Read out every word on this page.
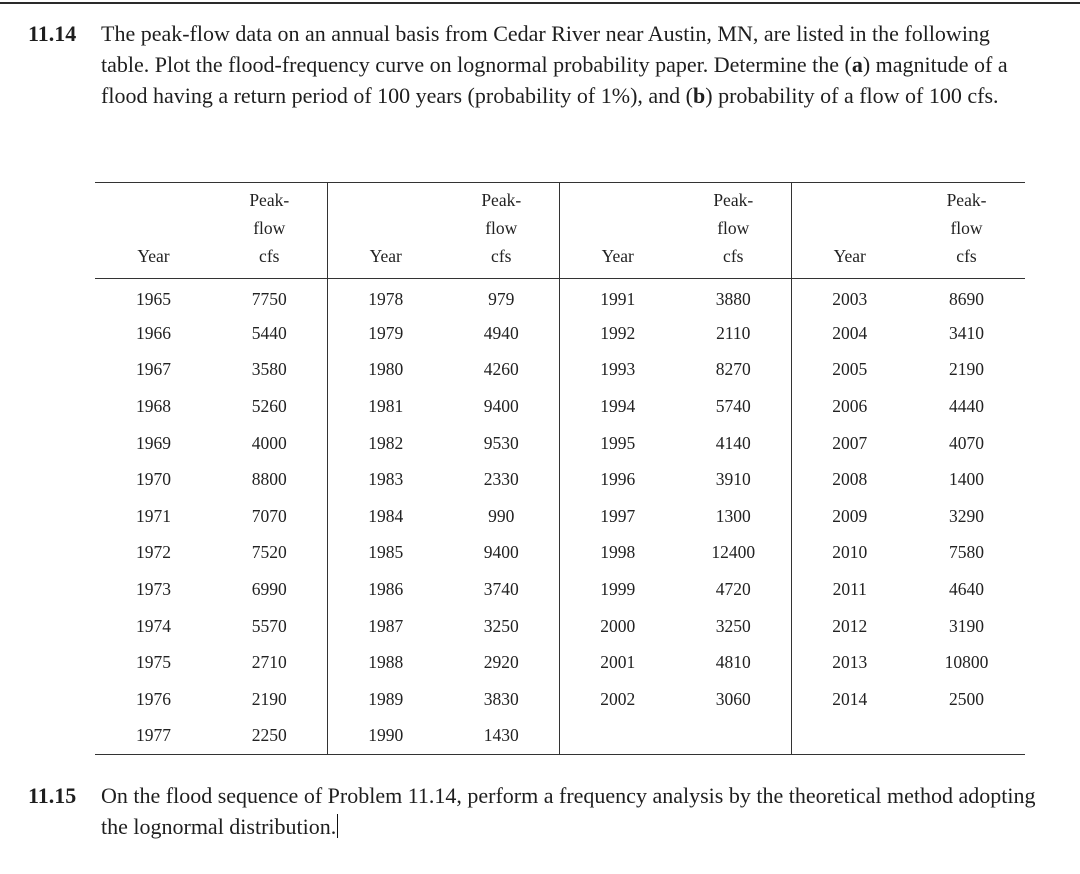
11.14 The peak-flow data on an annual basis from Cedar River near Austin, MN, are listed in the following table. Plot the flood-frequency curve on lognormal probability paper. Determine the (a) magnitude of a flood having a return period of 100 years (probability of 1%), and (b) probability of a flow of 100 cfs.
Year	Peak-
flow
cfs	Year	Peak-
flow
cfs	Year	Peak-
flow
cfs	Year	Peak-
flow
cfs
1965	7750	1978	979	1991	3880	2003	8690
1966	5440	1979	4940	1992	2110	2004	3410
1967	3580	1980	4260	1993	8270	2005	2190
1968	5260	1981	9400	1994	5740	2006	4440
1969	4000	1982	9530	1995	4140	2007	4070
1970	8800	1983	2330	1996	3910	2008	1400
1971	7070	1984	990	1997	1300	2009	3290
1972	7520	1985	9400	1998	12400	2010	7580
1973	6990	1986	3740	1999	4720	2011	4640
1974	5570	1987	3250	2000	3250	2012	3190
1975	2710	1988	2920	2001	4810	2013	10800
1976	2190	1989	3830	2002	3060	2014	2500
1977	2250	1990	1430				
11.15 On the flood sequence of Problem 11.14, perform a frequency analysis by the theoretical method adopting the lognormal distribution.
